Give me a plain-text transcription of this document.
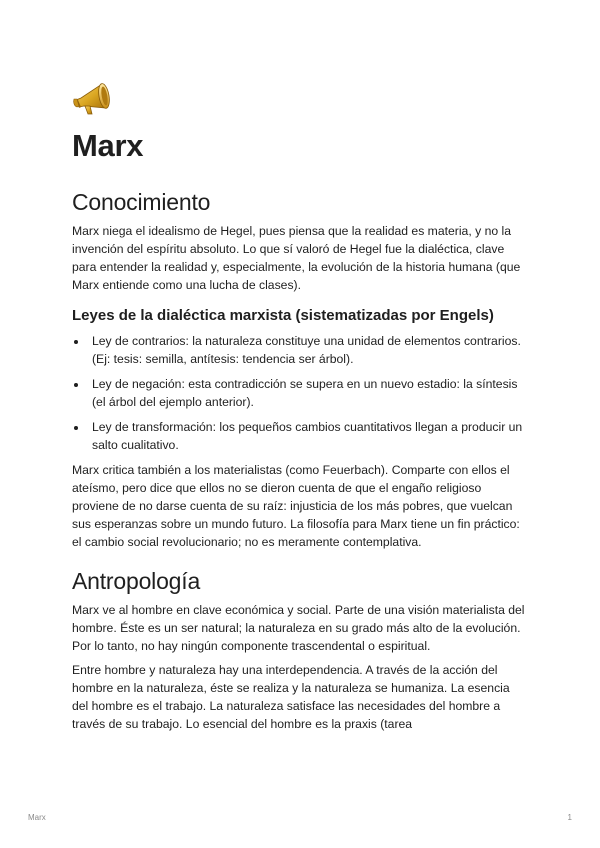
Marx
Conocimiento

Marx niega el idealismo de Hegel, pues piensa que la realidad es materia, y no la invención del espíritu absoluto. Lo que sí valoró de Hegel fue la dialéctica, clave para entender la realidad y, especialmente, la evolución de la historia humana (que Marx entiende como una lucha de clases).

Leyes de la dialéctica marxista (sistematizadas por Engels)
• Ley de contrarios: la naturaleza constituye una unidad de elementos contrarios. (Ej: tesis: semilla, antítesis: tendencia ser árbol).
• Ley de negación: esta contradicción se supera en un nuevo estadio: la síntesis (el árbol del ejemplo anterior).
• Ley de transformación: los pequeños cambios cuantitativos llegan a producir un salto cualitativo.

Marx critica también a los materialistas (como Feuerbach). Comparte con ellos el ateísmo, pero dice que ellos no se dieron cuenta de que el engaño religioso proviene de no darse cuenta de su raíz: injusticia de los más pobres, que vuelcan sus esperanzas sobre un mundo futuro. La filosofía para Marx tiene un fin práctico: el cambio social revolucionario; no es meramente contemplativa.

Antropología

Marx ve al hombre en clave económica y social. Parte de una visión materialista del hombre. Éste es un ser natural; la naturaleza en su grado más alto de la evolución. Por lo tanto, no hay ningún componente trascendental o espiritual.

Entre hombre y naturaleza hay una interdependencia. A través de la acción del hombre en la naturaleza, éste se realiza y la naturaleza se humaniza. La esencia del hombre es el trabajo. La naturaleza satisface las necesidades del hombre a través de su trabajo. Lo esencial del hombre es la praxis (tarea

Marx	1
